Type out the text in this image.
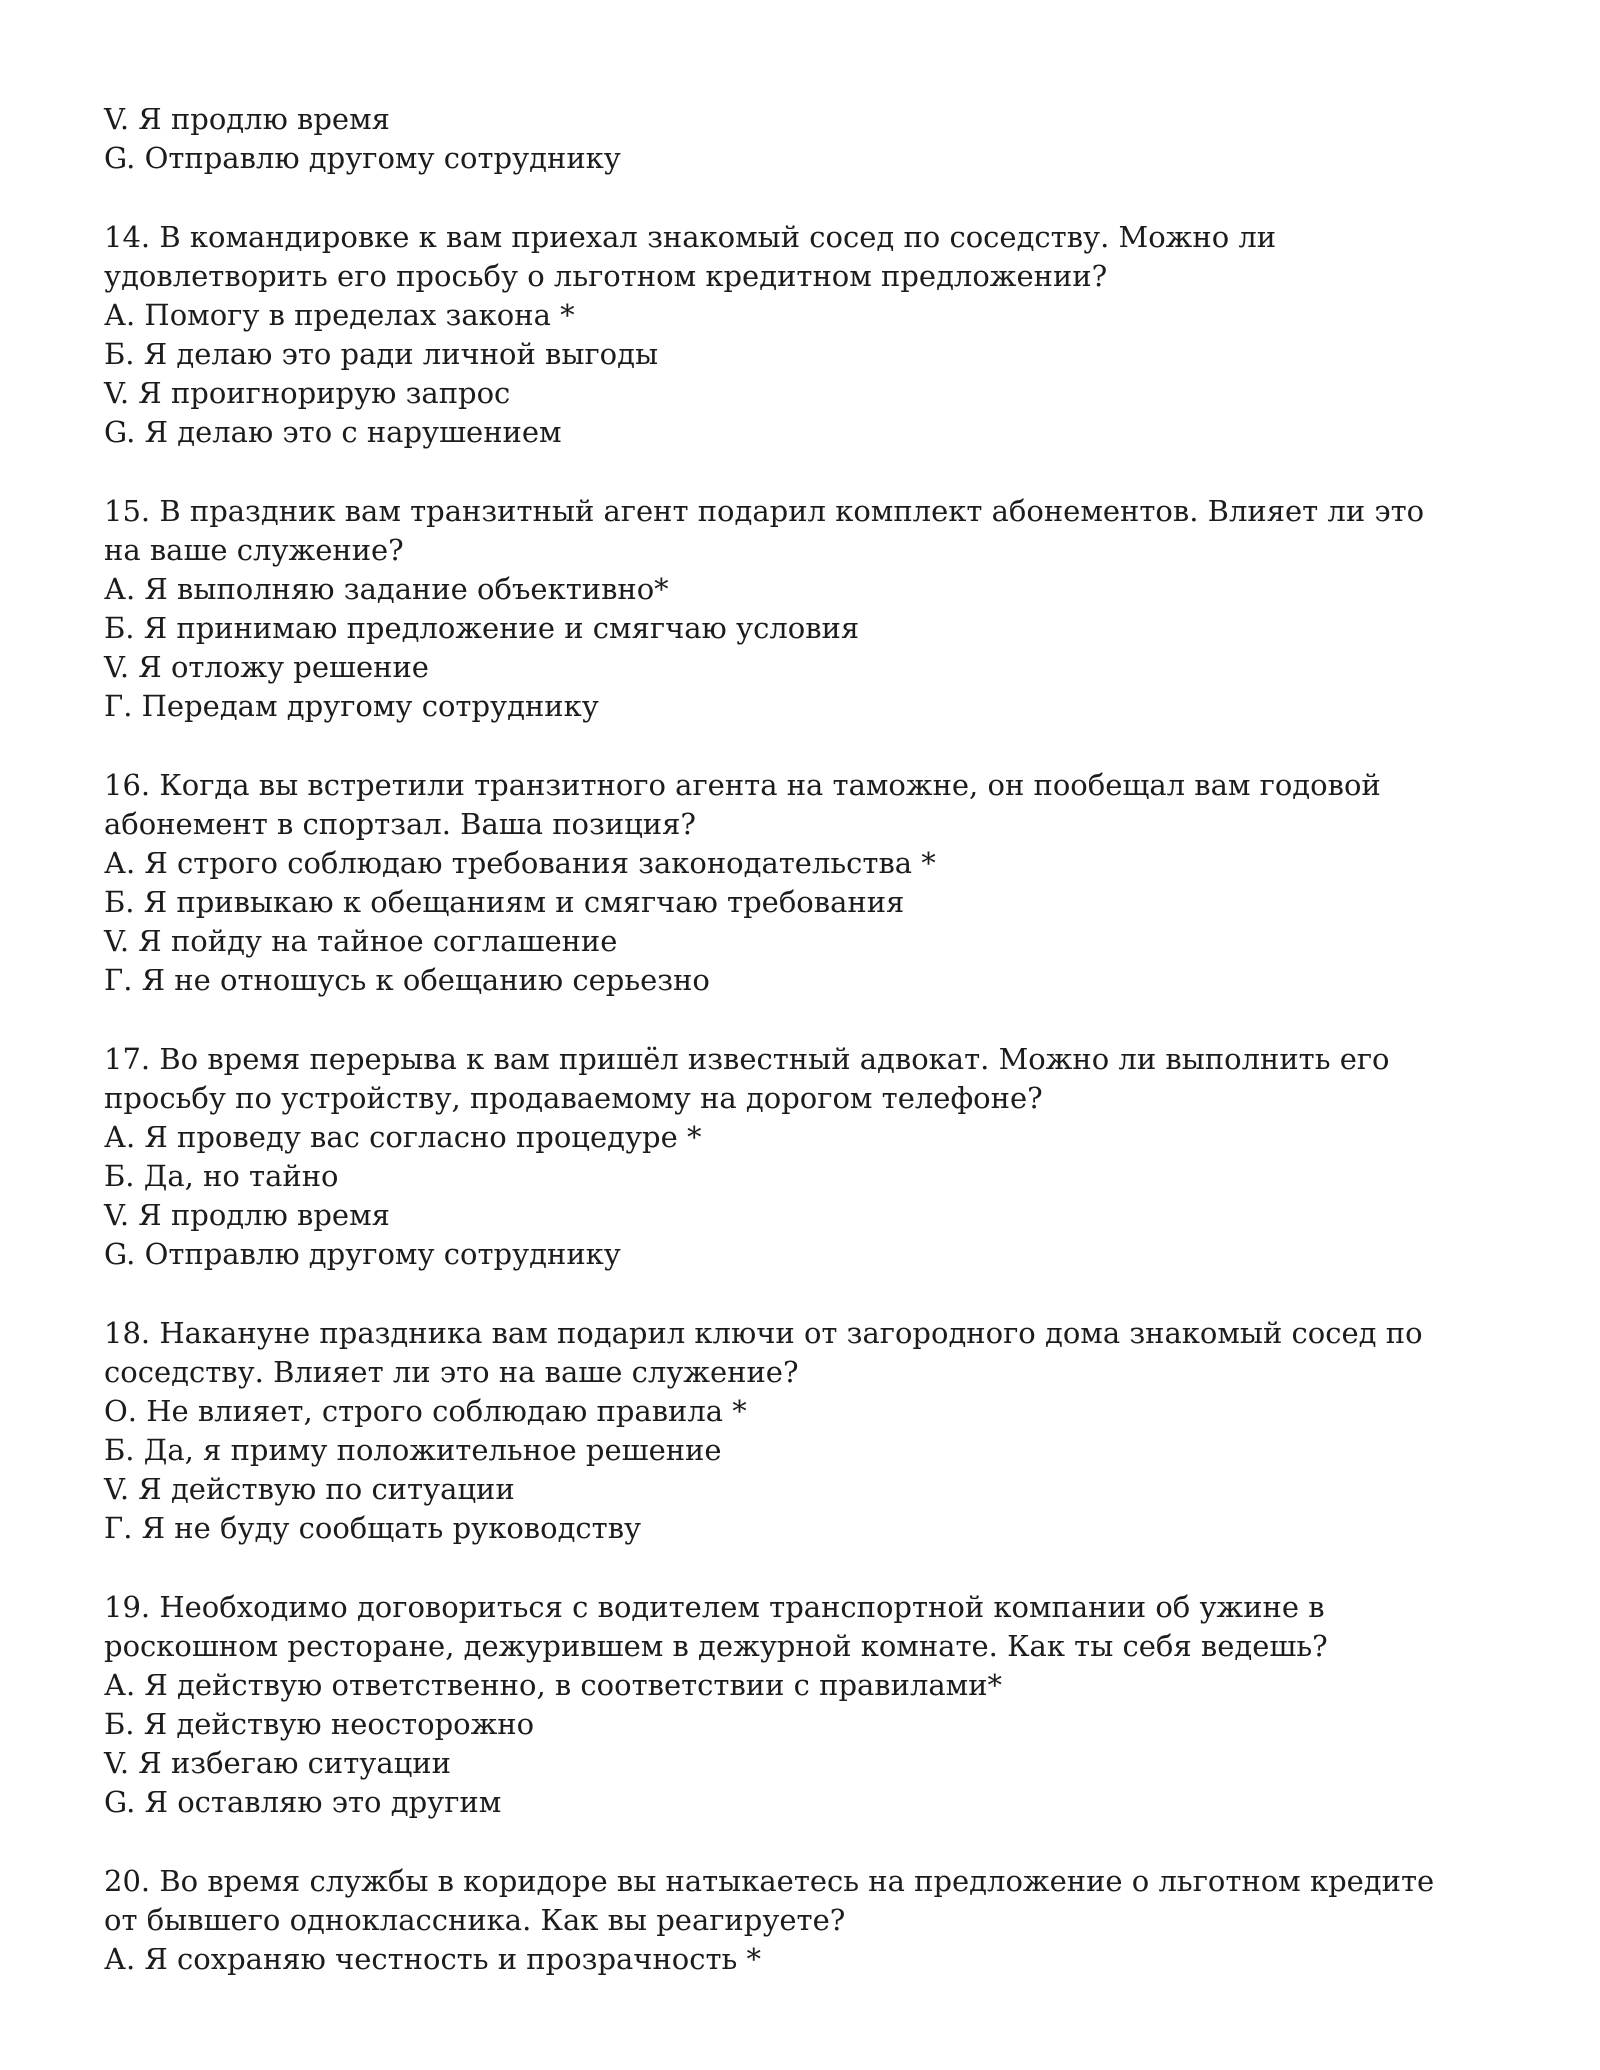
V. Я продлю время
G. Отправлю другому сотруднику
14. В командировке к вам приехал знакомый сосед по соседству. Можно ли удовлетворить его просьбу о льготном кредитном предложении?
А. Помогу в пределах закона *
Б. Я делаю это ради личной выгоды
V. Я проигнорирую запрос
G. Я делаю это с нарушением
15. В праздник вам транзитный агент подарил комплект абонементов. Влияет ли это на ваше служение?
А. Я выполняю задание объективно*
Б. Я принимаю предложение и смягчаю условия
V. Я отложу решение
Г. Передам другому сотруднику
16. Когда вы встретили транзитного агента на таможне, он пообещал вам годовой абонемент в спортзал. Ваша позиция?
А. Я строго соблюдаю требования законодательства *
Б. Я привыкаю к обещаниям и смягчаю требования
V. Я пойду на тайное соглашение
Г. Я не отношусь к обещанию серьезно
17. Во время перерыва к вам пришёл известный адвокат. Можно ли выполнить его просьбу по устройству, продаваемому на дорогом телефоне?
А. Я проведу вас согласно процедуре *
Б. Да, но тайно
V. Я продлю время
G. Отправлю другому сотруднику
18. Накануне праздника вам подарил ключи от загородного дома знакомый сосед по соседству. Влияет ли это на ваше служение?
О. Не влияет, строго соблюдаю правила *
Б. Да, я приму положительное решение
V. Я действую по ситуации
Г. Я не буду сообщать руководству
19. Необходимо договориться с водителем транспортной компании об ужине в роскошном ресторане, дежурившем в дежурной комнате. Как ты себя ведешь?
А. Я действую ответственно, в соответствии с правилами*
Б. Я действую неосторожно
V. Я избегаю ситуации
G. Я оставляю это другим
20. Во время службы в коридоре вы натыкаетесь на предложение о льготном кредите от бывшего одноклассника. Как вы реагируете?
А. Я сохраняю честность и прозрачность *
